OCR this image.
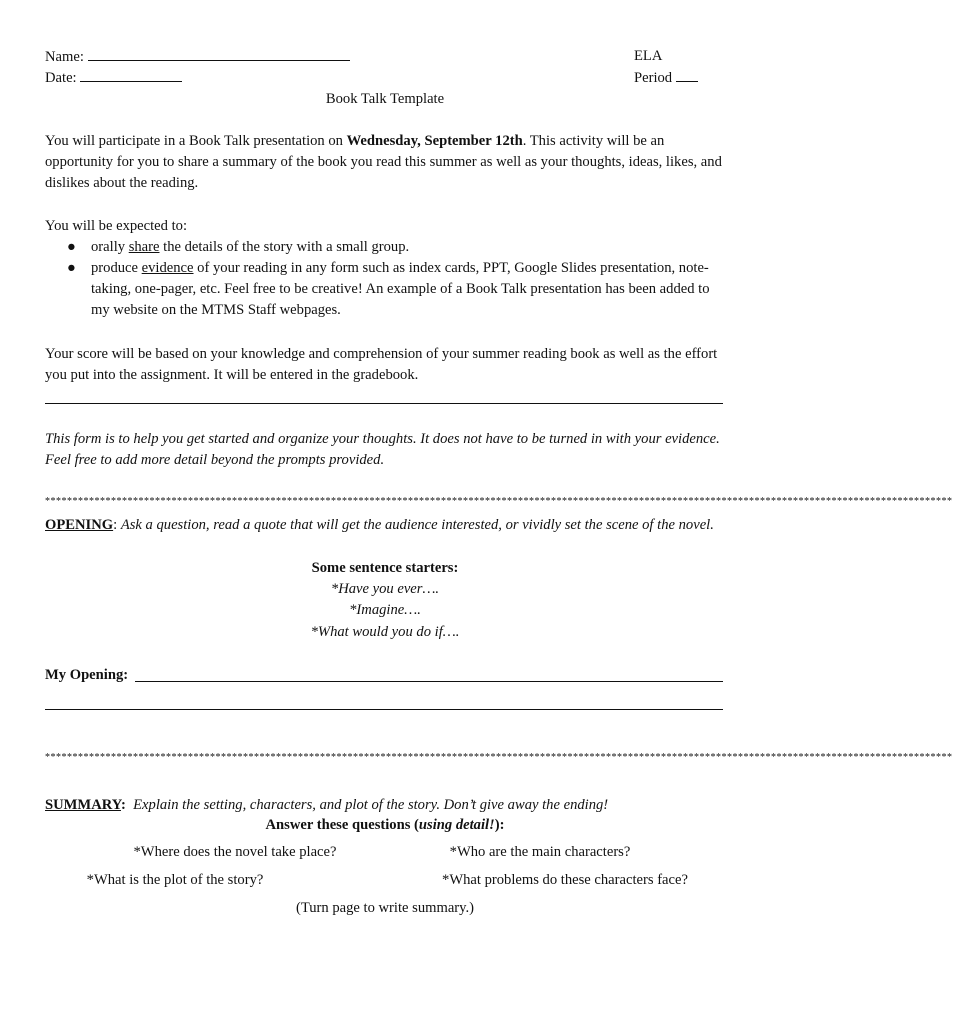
Name:
Date:
ELA
Period
Book Talk Template
You will participate in a Book Talk presentation on Wednesday, September 12th. This activity will be an opportunity for you to share a summary of the book you read this summer as well as your thoughts, ideas, likes, and dislikes about the reading.
You will be expected to:
● orally share the details of the story with a small group.
● produce evidence of your reading in any form such as index cards, PPT, Google Slides presentation, note-taking, one-pager, etc. Feel free to be creative! An example of a Book Talk presentation has been added to my website on the MTMS Staff webpages.
Your score will be based on your knowledge and comprehension of your summer reading book as well as the effort you put into the assignment. It will be entered in the gradebook.
This form is to help you get started and organize your thoughts. It does not have to be turned in with your evidence. Feel free to add more detail beyond the prompts provided.
*********************************************************************************************************************************************************************
OPENING: Ask a question, read a quote that will get the audience interested, or vividly set the scene of the novel.
Some sentence starters:
*Have you ever….
*Imagine….
*What would you do if….
My Opening:
*********************************************************************************************************************************************************************
SUMMARY: Explain the setting, characters, and plot of the story. Don’t give away the ending!
Answer these questions (using detail!):
*Where does the novel take place?	*Who are the main characters?
*What is the plot of the story?	*What problems do these characters face?
(Turn page to write summary.)
